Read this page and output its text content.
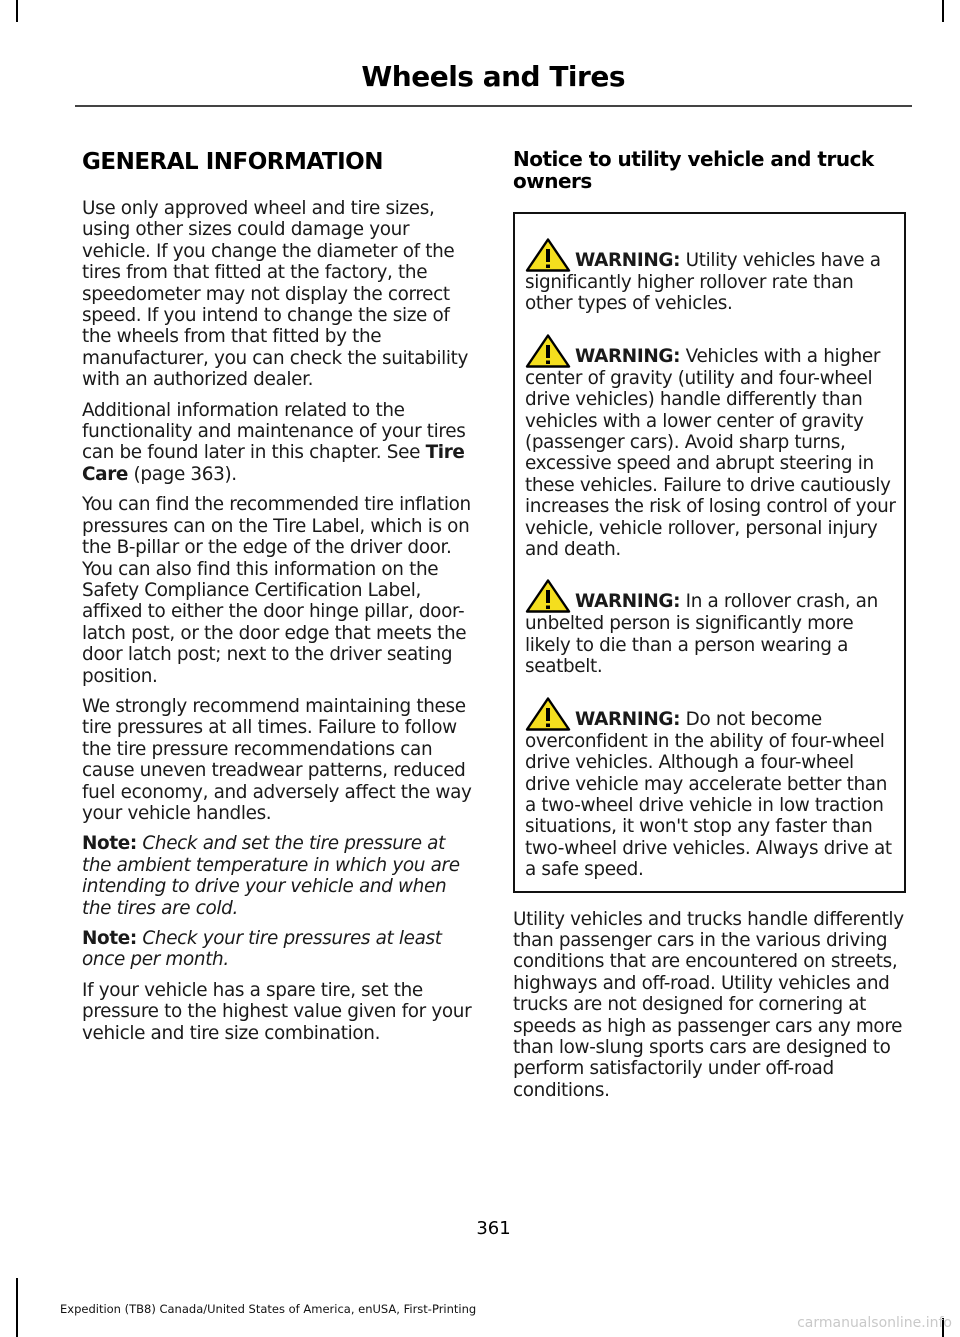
Wheels and Tires
GENERAL INFORMATION

Use only approved wheel and tire sizes, using other sizes could damage your vehicle. If you change the diameter of the tires from that fitted at the factory, the speedometer may not display the correct speed. If you intend to change the size of the wheels from that fitted by the manufacturer, you can check the suitability with an authorized dealer.

Additional information related to the functionality and maintenance of your tires can be found later in this chapter. See Tire Care (page 363).

You can find the recommended tire inflation pressures can on the Tire Label, which is on the B-pillar or the edge of the driver door. You can also find this information on the Safety Compliance Certification Label, affixed to either the door hinge pillar, door-latch post, or the door edge that meets the door latch post; next to the driver seating position.

We strongly recommend maintaining these tire pressures at all times. Failure to follow the tire pressure recommendations can cause uneven treadwear patterns, reduced fuel economy, and adversely affect the way your vehicle handles.

Note: Check and set the tire pressure at the ambient temperature in which you are intending to drive your vehicle and when the tires are cold.

Note: Check your tire pressures at least once per month.

If your vehicle has a spare tire, set the pressure to the highest value given for your vehicle and tire size combination.

Notice to utility vehicle and truck owners

WARNING: Utility vehicles have a significantly higher rollover rate than other types of vehicles.

WARNING: Vehicles with a higher center of gravity (utility and four-wheel drive vehicles) handle differently than vehicles with a lower center of gravity (passenger cars). Avoid sharp turns, excessive speed and abrupt steering in these vehicles. Failure to drive cautiously increases the risk of losing control of your vehicle, vehicle rollover, personal injury and death.

WARNING: In a rollover crash, an unbelted person is significantly more likely to die than a person wearing a seatbelt.

WARNING: Do not become overconfident in the ability of four-wheel drive vehicles. Although a four-wheel drive vehicle may accelerate better than a two-wheel drive vehicle in low traction situations, it won't stop any faster than two-wheel drive vehicles. Always drive at a safe speed.

Utility vehicles and trucks handle differently than passenger cars in the various driving conditions that are encountered on streets, highways and off-road. Utility vehicles and trucks are not designed for cornering at speeds as high as passenger cars any more than low-slung sports cars are designed to perform satisfactorily under off-road conditions.

361
Expedition (TB8) Canada/United States of America, enUSA, First-Printing
carmanualsonline.info
